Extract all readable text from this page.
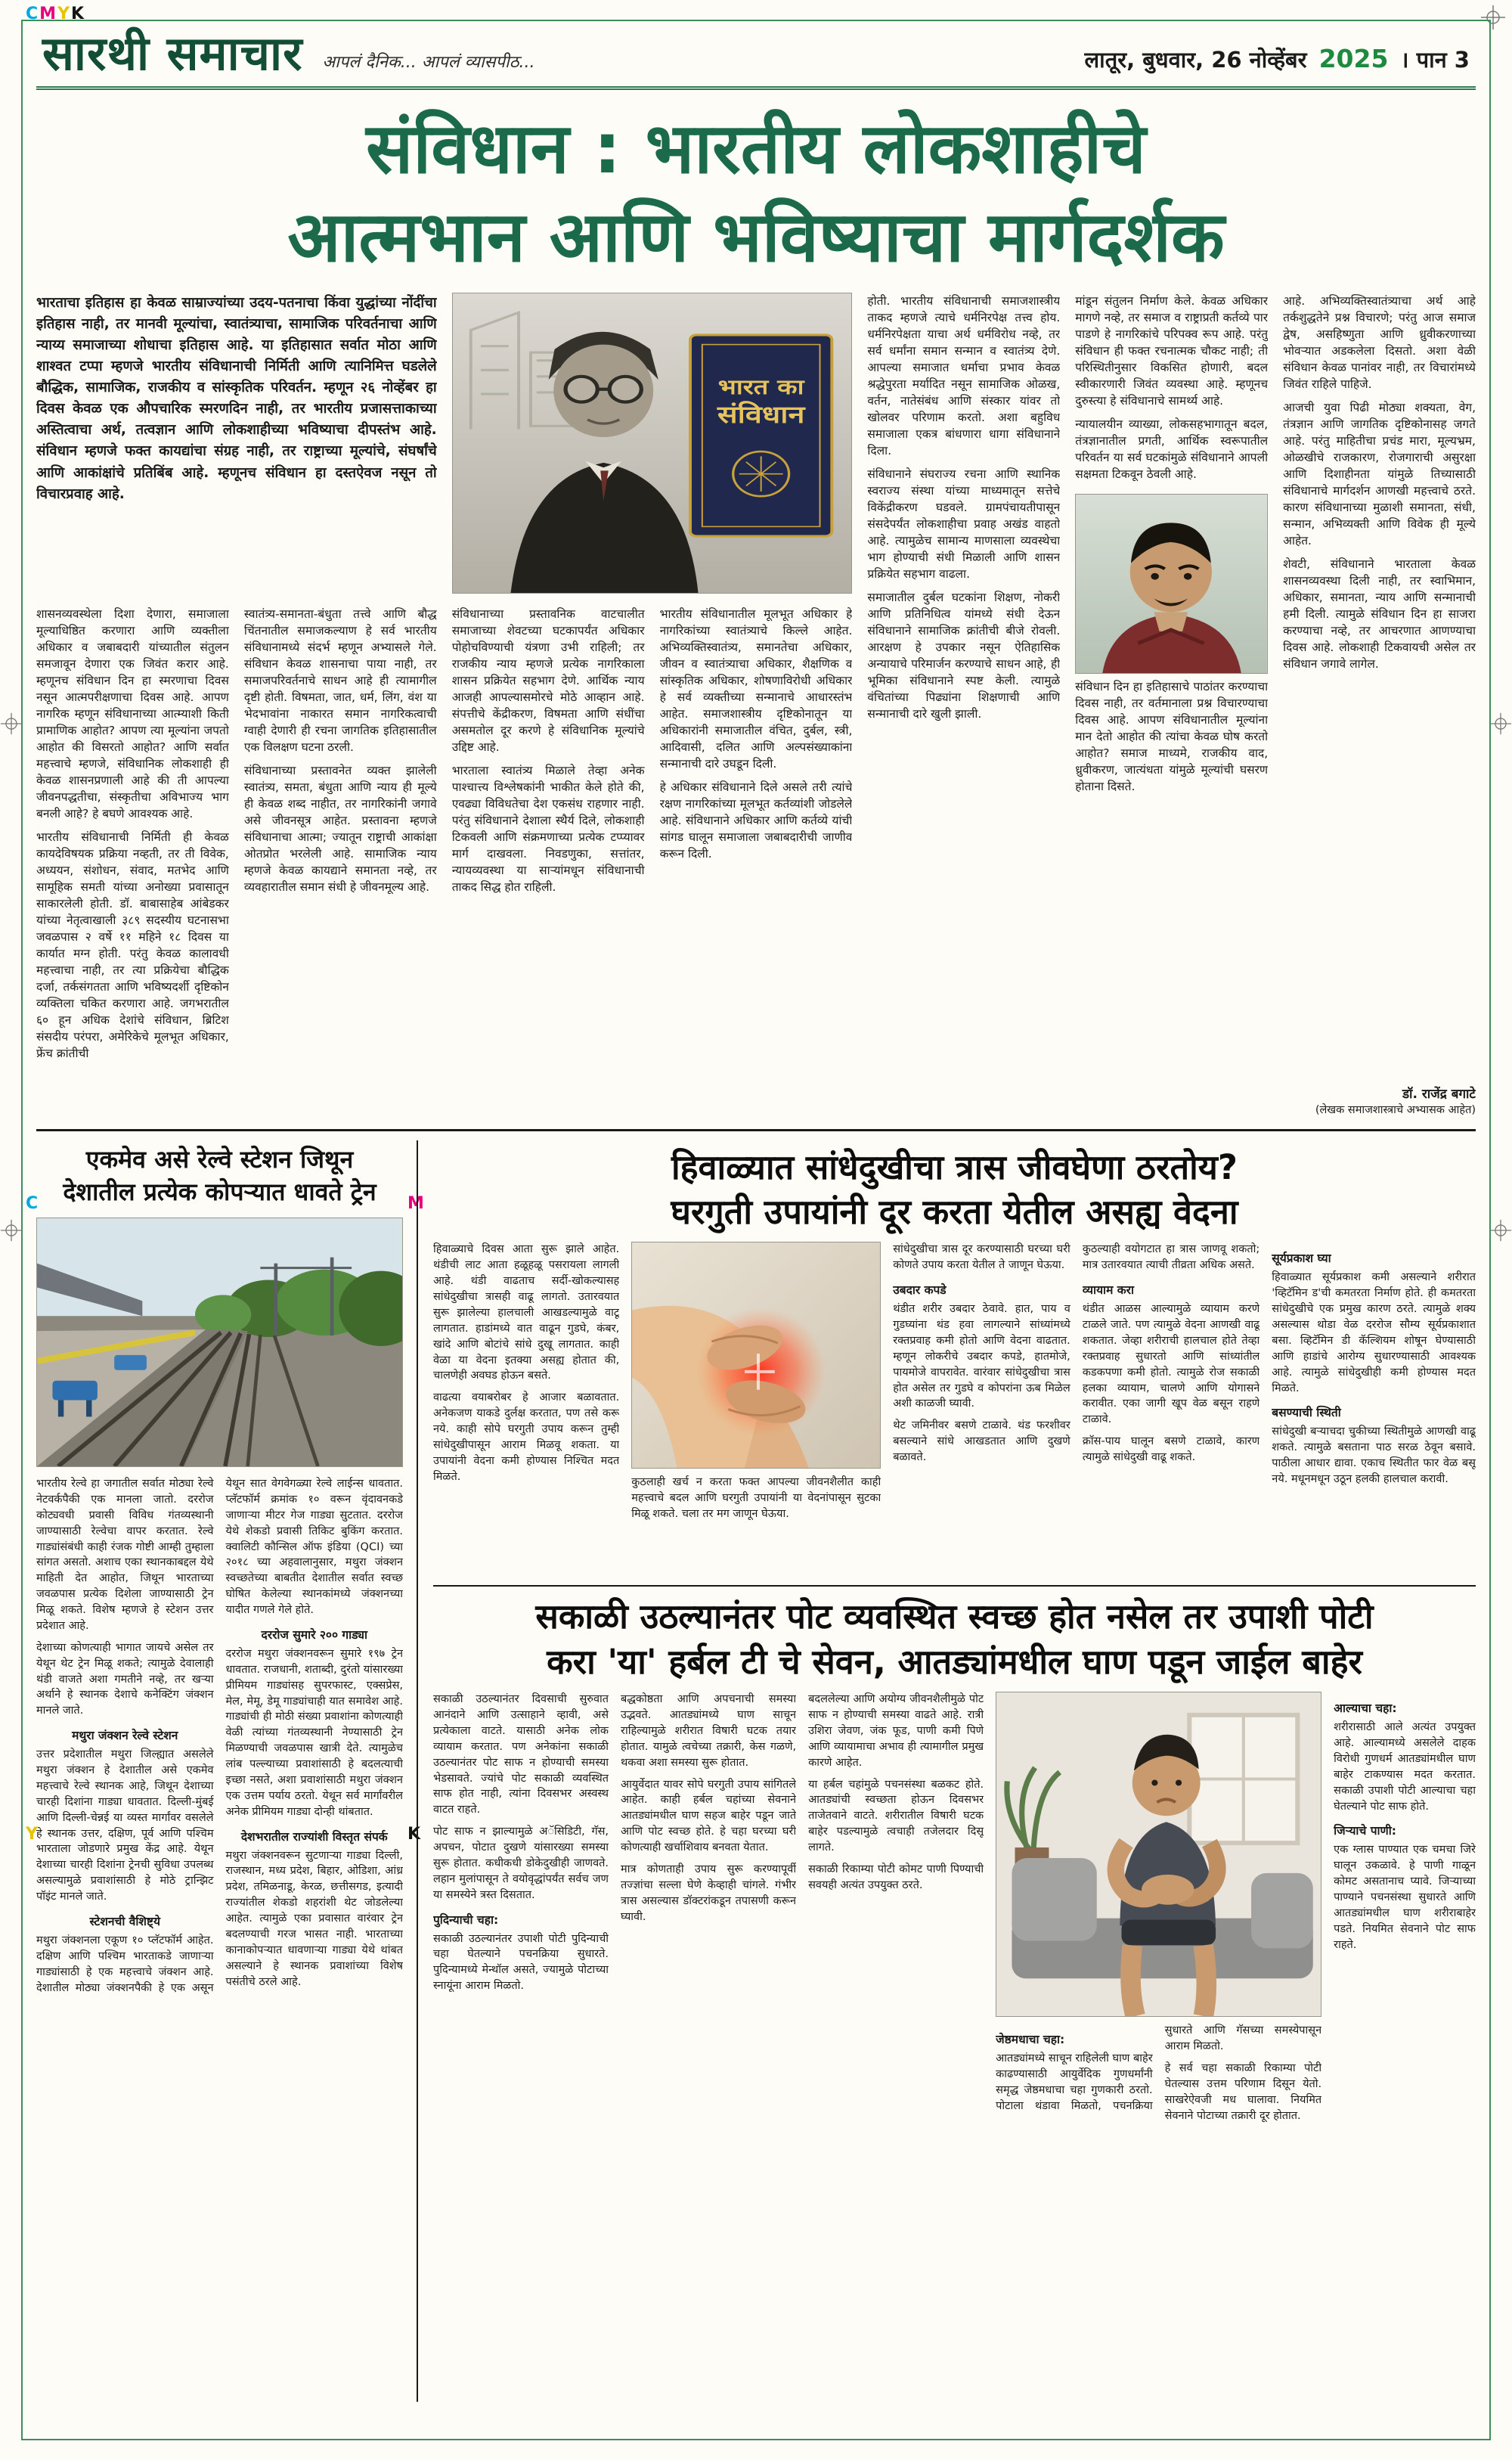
CMYK
C	M
Y	K
सारथी समाचार आपलं दैनिक... आपलं व्यासपीठ...	लातूर, बुधवार, 26 नोव्हेंबर 2025 । पान 3
संविधान : भारतीय लोकशाहीचे
आत्मभान आणि भविष्याचा मार्गदर्शक

भारताचा इतिहास हा केवळ साम्राज्यांच्या उदय-पतनाचा किंवा युद्धांच्या नोंदींचा इतिहास नाही, तर मानवी मूल्यांचा, स्वातंत्र्याचा, सामाजिक परिवर्तनाचा आणि न्याय्य समाजाच्या शोधाचा इतिहास आहे. या इतिहासात सर्वात मोठा आणि शाश्वत टप्पा म्हणजे भारतीय संविधानाची निर्मिती आणि त्यानिमित्त घडलेले बौद्धिक, सामाजिक, राजकीय व सांस्कृतिक परिवर्तन. म्हणून २६ नोव्हेंबर हा दिवस केवळ एक औपचारिक स्मरणदिन नाही, तर भारतीय प्रजासत्ताकाच्या अस्तित्वाचा अर्थ, तत्वज्ञान आणि लोकशाहीच्या भविष्याचा दीपस्तंभ आहे. संविधान म्हणजे फक्त कायद्यांचा संग्रह नाही, तर राष्ट्राच्या मूल्यांचे, संघर्षांचे आणि आकांक्षांचे प्रतिबिंब आहे. म्हणूनच संविधान हा दस्तऐवज नसून तो विचारप्रवाह आहे.

भारत का
संविधान

होती. भारतीय संविधानाची समाजशास्त्रीय ताकद म्हणजे त्याचे धर्मनिरपेक्ष तत्त्व होय. धर्मनिरपेक्षता याचा अर्थ धर्मविरोध नव्हे, तर सर्व धर्मांना समान सन्मान व स्वातंत्र्य देणे. आपल्या समाजात धर्माचा प्रभाव केवळ श्रद्धेपुरता मर्यादित नसून सामाजिक ओळख, वर्तन, नातेसंबंध आणि संस्कार यांवर तो खोलवर परिणाम करतो. अशा बहुविध समाजाला एकत्र बांधणारा धागा संविधानाने दिला.

संविधानाने संघराज्य रचना आणि स्थानिक स्वराज्य संस्था यांच्या माध्यमातून सत्तेचे विकेंद्रीकरण घडवले. ग्रामपंचायतीपासून संसदेपर्यंत लोकशाहीचा प्रवाह अखंड वाहतो आहे. त्यामुळेच सामान्य माणसाला व्यवस्थेचा भाग होण्याची संधी मिळाली आणि शासन प्रक्रियेत सहभाग वाढला.

समाजातील दुर्बल घटकांना शिक्षण, नोकरी आणि प्रतिनिधित्व यांमध्ये संधी देऊन संविधानाने सामाजिक क्रांतीची बीजे रोवली. आरक्षण हे उपकार नसून ऐतिहासिक अन्यायाचे परिमार्जन करण्याचे साधन आहे, ही भूमिका संविधानाने स्पष्ट केली. त्यामुळे वंचितांच्या पिढ्यांना शिक्षणाची आणि सन्मानाची दारे खुली झाली.

मांडून संतुलन निर्माण केले. केवळ अधिकार मागणे नव्हे, तर समाज व राष्ट्राप्रती कर्तव्ये पार पाडणे हे नागरिकांचे परिपक्व रूप आहे. परंतु संविधान ही फक्त रचनात्मक चौकट नाही; ती परिस्थितीनुसार विकसित होणारी, बदल स्वीकारणारी जिवंत व्यवस्था आहे. म्हणूनच दुरुस्त्या हे संविधानाचे सामर्थ्य आहे.

न्यायालयीन व्याख्या, लोकसहभागातून बदल, तंत्रज्ञानातील प्रगती, आर्थिक स्वरूपातील परिवर्तन या सर्व घटकांमुळे संविधानाने आपली सक्षमता टिकवून ठेवली आहे.

संविधान दिन हा इतिहासाचे पाठांतर करण्याचा दिवस नाही, तर वर्तमानाला प्रश्न विचारण्याचा दिवस आहे. आपण संविधानातील मूल्यांना मान देतो आहोत की त्यांचा केवळ घोष करतो आहोत? समाज माध्यमे, राजकीय वाद, ध्रुवीकरण, जात्यंधता यांमुळे मूल्यांची घसरण होताना दिसते.

आहे. अभिव्यक्तिस्वातंत्र्याचा अर्थ आहे तर्कशुद्धतेने प्रश्न विचारणे; परंतु आज समाज द्वेष, असहिष्णुता आणि ध्रुवीकरणाच्या भोवऱ्यात अडकलेला दिसतो. अशा वेळी संविधान केवळ पानांवर नाही, तर विचारांमध्ये जिवंत राहिले पाहिजे.

आजची युवा पिढी मोठ्या शक्यता, वेग, तंत्रज्ञान आणि जागतिक दृष्टिकोनासह जगते आहे. परंतु माहितीचा प्रचंड मारा, मूल्यभ्रम, ओळखीचे राजकारण, रोजगाराची असुरक्षा आणि दिशाहीनता यांमुळे तिच्यासाठी संविधानाचे मार्गदर्शन आणखी महत्त्वाचे ठरते. कारण संविधानाच्या मुळाशी समानता, संधी, सन्मान, अभिव्यक्ती आणि विवेक ही मूल्ये आहेत.

शेवटी, संविधानाने भारताला केवळ शासनव्यवस्था दिली नाही, तर स्वाभिमान, अधिकार, समानता, न्याय आणि सन्मानाची हमी दिली. त्यामुळे संविधान दिन हा साजरा करण्याचा नव्हे, तर आचरणात आणण्याचा दिवस आहे. लोकशाही टिकवायची असेल तर संविधान जगावे लागेल.

डॉ. राजेंद्र बगाटे
(लेखक समाजशास्त्राचे अभ्यासक आहेत)

शासनव्यवस्थेला दिशा देणारा, समाजाला मूल्याधिष्ठित करणारा आणि व्यक्तीला अधिकार व जबाबदारी यांच्यातील संतुलन समजावून देणारा एक जिवंत करार आहे. म्हणूनच संविधान दिन हा स्मरणाचा दिवस नसून आत्मपरीक्षणाचा दिवस आहे. आपण नागरिक म्हणून संविधानाच्या आत्म्याशी किती प्रामाणिक आहोत? आपण त्या मूल्यांना जपतो आहोत की विसरतो आहोत? आणि सर्वात महत्त्वाचे म्हणजे, संविधानिक लोकशाही ही केवळ शासनप्रणाली आहे की ती आपल्या जीवनपद्धतीचा, संस्कृतीचा अविभाज्य भाग बनली आहे? हे बघणे आवश्यक आहे.

भारतीय संविधानाची निर्मिती ही केवळ कायदेविषयक प्रक्रिया नव्हती, तर ती विवेक, अध्ययन, संशोधन, संवाद, मतभेद आणि सामूहिक समती यांच्या अनोख्या प्रवासातून साकारलेली होती. डॉ. बाबासाहेब आंबेडकर यांच्या नेतृत्वाखाली ३८९ सदस्यीय घटनासभा जवळपास २ वर्षे ११ महिने १८ दिवस या कार्यात मग्न होती. परंतु केवळ कालावधी महत्त्वाचा नाही, तर त्या प्रक्रियेचा बौद्धिक दर्जा, तर्कसंगतता आणि भविष्यदर्शी दृष्टिकोन व्यक्तिला चकित करणारा आहे. जगभरातील ६० हून अधिक देशांचे संविधान, ब्रिटिश संसदीय परंपरा, अमेरिकेचे मूलभूत अधिकार, फ्रेंच क्रांतीची

स्वातंत्र्य-समानता-बंधुता तत्त्वे आणि बौद्ध चिंतनातील समाजकल्याण हे सर्व भारतीय संविधानामध्ये संदर्भ म्हणून अभ्यासले गेले. संविधान केवळ शासनाचा पाया नाही, तर समाजपरिवर्तनाचे साधन आहे ही त्यामागील दृष्टी होती. विषमता, जात, धर्म, लिंग, वंश या भेदभावांना नाकारत समान नागरिकत्वाची ग्वाही देणारी ही रचना जागतिक इतिहासातील एक विलक्षण घटना ठरली.

संविधानाच्या प्रस्तावनेत व्यक्त झालेली स्वातंत्र्य, समता, बंधुता आणि न्याय ही मूल्ये ही केवळ शब्द नाहीत, तर नागरिकांनी जगावे असे जीवनसूत्र आहेत. प्रस्तावना म्हणजे संविधानाचा आत्मा; ज्यातून राष्ट्राची आकांक्षा ओतप्रोत भरलेली आहे. सामाजिक न्याय म्हणजे केवळ कायद्याने समानता नव्हे, तर व्यवहारातील समान संधी हे जीवनमूल्य आहे.

संविधानाच्या प्रस्तावनिक वाटचालीत समाजाच्या शेवटच्या घटकापर्यंत अधिकार पोहोचविण्याची यंत्रणा उभी राहिली; तर राजकीय न्याय म्हणजे प्रत्येक नागरिकाला शासन प्रक्रियेत सहभाग देणे. आर्थिक न्याय आजही आपल्यासमोरचे मोठे आव्हान आहे. संपत्तीचे केंद्रीकरण, विषमता आणि संधींचा असमतोल दूर करणे हे संविधानिक मूल्यांचे उद्दिष्ट आहे.

भारताला स्वातंत्र्य मिळाले तेव्हा अनेक पाश्चात्त्य विश्लेषकांनी भाकीत केले होते की, एवढ्या विविधतेचा देश एकसंध राहणार नाही. परंतु संविधानाने देशाला स्थैर्य दिले, लोकशाही टिकवली आणि संक्रमणाच्या प्रत्येक टप्प्यावर मार्ग दाखवला. निवडणुका, सत्तांतर, न्यायव्यवस्था या साऱ्यांमधून संविधानाची ताकद सिद्ध होत राहिली.

भारतीय संविधानातील मूलभूत अधिकार हे नागरिकांच्या स्वातंत्र्याचे किल्ले आहेत. अभिव्यक्तिस्वातंत्र्य, समानतेचा अधिकार, जीवन व स्वातंत्र्याचा अधिकार, शैक्षणिक व सांस्कृतिक अधिकार, शोषणाविरोधी अधिकार हे सर्व व्यक्तीच्या सन्मानाचे आधारस्तंभ आहेत. समाजशास्त्रीय दृष्टिकोनातून या अधिकारांनी समाजातील वंचित, दुर्बल, स्त्री, आदिवासी, दलित आणि अल्पसंख्याकांना सन्मानाची दारे उघडून दिली.

हे अधिकार संविधानाने दिले असले तरी त्यांचे रक्षण नागरिकांच्या मूलभूत कर्तव्यांशी जोडलेले आहे. संविधानाने अधिकार आणि कर्तव्ये यांची सांगड घालून समाजाला जबाबदारीची जाणीव करून दिली.

एकमेव असे रेल्वे स्टेशन जिथून
देशातील प्रत्येक कोपऱ्यात धावते ट्रेन

भारतीय रेल्वे हा जगातील सर्वात मोठ्या रेल्वे नेटवर्कपैकी एक मानला जातो. दररोज कोट्यवधी प्रवासी विविध गंतव्यस्थानी जाण्यासाठी रेल्वेचा वापर करतात. रेल्वे गाड्यांसंबंधी काही रंजक गोष्टी आम्ही तुम्हाला सांगत असतो. अशाच एका स्थानकाबद्दल येथे माहिती देत आहोत, जिथून भारताच्या जवळपास प्रत्येक दिशेला जाण्यासाठी ट्रेन मिळू शकते. विशेष म्हणजे हे स्टेशन उत्तर प्रदेशात आहे.

देशाच्या कोणत्याही भागात जायचे असेल तर येथून थेट ट्रेन मिळू शकते; त्यामुळे देवालाही थंडी वाजते अशा गमतीने नव्हे, तर खऱ्या अर्थाने हे स्थानक देशाचे कनेक्टिंग जंक्शन मानले जाते.

मथुरा जंक्शन रेल्वे स्टेशन

उत्तर प्रदेशातील मथुरा जिल्ह्यात असलेले मथुरा जंक्शन हे देशातील असे एकमेव महत्त्वाचे रेल्वे स्थानक आहे, जिथून देशाच्या चारही दिशांना गाड्या धावतात. दिल्ली-मुंबई आणि दिल्ली-चेन्नई या व्यस्त मार्गांवर वसलेले हे स्थानक उत्तर, दक्षिण, पूर्व आणि पश्चिम भारताला जोडणारे प्रमुख केंद्र आहे. येथून देशाच्या चारही दिशांना ट्रेनची सुविधा उपलब्ध असल्यामुळे प्रवाशांसाठी हे मोठे ट्रान्झिट पॉइंट मानले जाते.

स्टेशनची वैशिष्ट्ये

मथुरा जंक्शनला एकूण १० प्लॅटफॉर्म आहेत. दक्षिण आणि पश्चिम भारताकडे जाणाऱ्या गाड्यांसाठी हे एक महत्त्वाचे जंक्शन आहे. देशातील मोठ्या जंक्शनपैकी हे एक असून येथून सात वेगवेगळ्या रेल्वे लाईन्स धावतात. प्लॅटफॉर्म क्रमांक १० वरून वृंदावनकडे जाणाऱ्या मीटर गेज गाड्या सुटतात. दररोज येथे शेकडो प्रवासी तिकिट बुकिंग करतात. क्वालिटी कौन्सिल ऑफ इंडिया (QCI) च्या २०१८ च्या अहवालानुसार, मथुरा जंक्शन स्वच्छतेच्या बाबतीत देशातील सर्वात स्वच्छ घोषित केलेल्या स्थानकांमध्ये जंक्शनच्या यादीत गणले गेले होते.

दररोज सुमारे २०० गाड्या

दररोज मथुरा जंक्शनवरून सुमारे १९७ ट्रेन धावतात. राजधानी, शताब्दी, दुरंतो यांसारख्या प्रीमियम गाड्यांसह सुपरफास्ट, एक्सप्रेस, मेल, मेमू, डेमू गाड्यांचाही यात समावेश आहे. गाड्यांची ही मोठी संख्या प्रवाशांना कोणत्याही वेळी त्यांच्या गंतव्यस्थानी नेण्यासाठी ट्रेन मिळण्याची जवळपास खात्री देते. त्यामुळेच लांब पल्ल्याच्या प्रवाशांसाठी हे बदलत्याची इच्छा नसते, अशा प्रवाशांसाठी मथुरा जंक्शन एक उत्तम पर्याय ठरतो. येथून सर्व मार्गांवरील अनेक प्रीमियम गाड्या दोन्ही थांबतात.

देशभरातील राज्यांशी विस्तृत संपर्क

मथुरा जंक्शनवरून सुटणाऱ्या गाड्या दिल्ली, राजस्थान, मध्य प्रदेश, बिहार, ओडिशा, आंध्र प्रदेश, तमिळनाडू, केरळ, छत्तीसगड, इत्यादी राज्यांतील शेकडो शहरांशी थेट जोडलेल्या आहेत. त्यामुळे एका प्रवासात वारंवार ट्रेन बदलण्याची गरज भासत नाही. भारताच्या कानाकोपऱ्यात धावणाऱ्या गाड्या येथे थांबत असल्याने हे स्थानक प्रवाशांच्या विशेष पसंतीचे ठरले आहे.

हिवाळ्यात सांधेदुखीचा त्रास जीवघेणा ठरतोय?
घरगुती उपायांनी दूर करता येतील असह्य वेदना

हिवाळ्याचे दिवस आता सुरू झाले आहेत. थंडीची लाट आता हळूहळू पसरायला लागली आहे. थंडी वाढताच सर्दी-खोकल्यासह सांधेदुखीचा त्रासही वाढू लागतो. उतारवयात सुरू झालेल्या हालचाली आखडल्यामुळे वाटू लागतात. हाडांमध्ये वात वाढून गुडघे, कंबर, खांदे आणि बोटांचे सांधे दुखू लागतात. काही वेळा या वेदना इतक्या असह्य होतात की, चालणेही अवघड होऊन बसते.

वाढत्या वयाबरोबर हे आजार बळावतात. अनेकजण याकडे दुर्लक्ष करतात, पण तसे करू नये. काही सोपे घरगुती उपाय करून तुम्ही सांधेदुखीपासून आराम मिळवू शकता. या उपायांनी वेदना कमी होण्यास निश्चित मदत मिळते.	कुठलाही खर्च न करता फक्त आपल्या जीवनशैलीत काही महत्त्वाचे बदल आणि घरगुती उपायांनी या वेदनांपासून सुटका मिळू शकते. चला तर मग जाणून घेऊया.

सांधेदुखीचा त्रास दूर करण्यासाठी घरच्या घरी कोणते उपाय करता येतील ते जाणून घेऊया.

उबदार कपडे

थंडीत शरीर उबदार ठेवावे. हात, पाय व गुडघ्यांना थंड हवा लागल्याने सांध्यांमध्ये रक्तप्रवाह कमी होतो आणि वेदना वाढतात. म्हणून लोकरीचे उबदार कपडे, हातमोजे, पायमोजे वापरावेत. वारंवार सांधेदुखीचा त्रास होत असेल तर गुडघे व कोपरांना ऊब मिळेल अशी काळजी घ्यावी.

थेट जमिनीवर बसणे टाळावे. थंड फरशीवर बसल्याने सांधे आखडतात आणि दुखणे बळावते.

कुठल्याही वयोगटात हा त्रास जाणवू शकतो; मात्र उतारवयात त्याची तीव्रता अधिक असते.

व्यायाम करा

थंडीत आळस आल्यामुळे व्यायाम करणे टाळले जाते. पण त्यामुळे वेदना आणखी वाढू शकतात. जेव्हा शरीराची हालचाल होते तेव्हा रक्तप्रवाह सुधारतो आणि सांध्यांतील कडकपणा कमी होतो. त्यामुळे रोज सकाळी हलका व्यायाम, चालणे आणि योगासने करावीत. एका जागी खूप वेळ बसून राहणे टाळावे.

क्रॉस-पाय घालून बसणे टाळावे, कारण त्यामुळे सांधेदुखी वाढू शकते.

सूर्यप्रकाश घ्या

हिवाळ्यात सूर्यप्रकाश कमी असल्याने शरीरात 'व्हिटॅमिन ड'ची कमतरता निर्माण होते. ही कमतरता सांधेदुखीचे एक प्रमुख कारण ठरते. त्यामुळे शक्य असल्यास थोडा वेळ दररोज सौम्य सूर्यप्रकाशात बसा. व्हिटॅमिन डी कॅल्शियम शोषून घेण्यासाठी आणि हाडांचे आरोग्य सुधारण्यासाठी आवश्यक आहे. त्यामुळे सांधेदुखीही कमी होण्यास मदत मिळते.

बसण्याची स्थिती

सांधेदुखी बऱ्याचदा चुकीच्या स्थितीमुळे आणखी वाढू शकते. त्यामुळे बसताना पाठ सरळ ठेवून बसावे. पाठीला आधार द्यावा. एकाच स्थितीत फार वेळ बसू नये. मधूनमधून उठून हलकी हालचाल करावी.

सकाळी उठल्यानंतर पोट व्यवस्थित स्वच्छ होत नसेल तर उपाशी पोटी
करा 'या' हर्बल टी चे सेवन, आतड्यांमधील घाण पडून जाईल बाहेर

सकाळी उठल्यानंतर दिवसाची सुरुवात आनंदाने आणि उत्साहाने व्हावी, असे प्रत्येकाला वाटते. यासाठी अनेक लोक व्यायाम करतात. पण अनेकांना सकाळी उठल्यानंतर पोट साफ न होण्याची समस्या भेडसावते. ज्यांचे पोट सकाळी व्यवस्थित साफ होत नाही, त्यांना दिवसभर अस्वस्थ वाटत राहते.

पोट साफ न झाल्यामुळे अॅसिडिटी, गॅस, अपचन, पोटात दुखणे यांसारख्या समस्या सुरू होतात. कधीकधी डोकेदुखीही जाणवते. लहान मुलांपासून ते वयोवृद्धांपर्यंत सर्वच जण या समस्येने त्रस्त दिसतात.

पुदिन्याची चहा:

सकाळी उठल्यानंतर उपाशी पोटी पुदिन्याची चहा घेतल्याने पचनक्रिया सुधारते. पुदिन्यामध्ये मेन्थॉल असते, ज्यामुळे पोटाच्या स्नायूंना आराम मिळतो.

बद्धकोष्ठता आणि अपचनाची समस्या उद्भवते. आतड्यांमध्ये घाण साचून राहिल्यामुळे शरीरात विषारी घटक तयार होतात. यामुळे त्वचेच्या तक्रारी, केस गळणे, थकवा अशा समस्या सुरू होतात.

आयुर्वेदात यावर सोपे घरगुती उपाय सांगितले आहेत. काही हर्बल चहांच्या सेवनाने आतड्यांमधील घाण सहज बाहेर पडून जाते आणि पोट स्वच्छ होते. हे चहा घरच्या घरी कोणत्याही खर्चाशिवाय बनवता येतात.

मात्र कोणताही उपाय सुरू करण्यापूर्वी तज्ज्ञांचा सल्ला घेणे केव्हाही चांगले. गंभीर त्रास असल्यास डॉक्टरांकडून तपासणी करून घ्यावी.

बदललेल्या आणि अयोग्य जीवनशैलीमुळे पोट साफ न होण्याची समस्या वाढते आहे. रात्री उशिरा जेवण, जंक फूड, पाणी कमी पिणे आणि व्यायामाचा अभाव ही त्यामागील प्रमुख कारणे आहेत.

या हर्बल चहांमुळे पचनसंस्था बळकट होते. आतड्यांची स्वच्छता होऊन दिवसभर ताजेतवाने वाटते. शरीरातील विषारी घटक बाहेर पडल्यामुळे त्वचाही तजेलदार दिसू लागते.

सकाळी रिकाम्या पोटी कोमट पाणी पिण्याची सवयही अत्यंत उपयुक्त ठरते.

जेष्ठमधाचा चहा:

आतड्यांमध्ये साचून राहिलेली घाण बाहेर काढण्यासाठी आयुर्वेदिक गुणधर्मांनी समृद्ध जेष्ठमधाचा चहा गुणकारी ठरतो. पोटाला थंडावा मिळतो, पचनक्रिया सुधारते आणि गॅसच्या समस्येपासून आराम मिळतो.

हे सर्व चहा सकाळी रिकाम्या पोटी घेतल्यास उत्तम परिणाम दिसून येतो. साखरेऐवजी मध घालावा. नियमित सेवनाने पोटाच्या तक्रारी दूर होतात.

आल्याचा चहा:

शरीरासाठी आले अत्यंत उपयुक्त आहे. आल्यामध्ये असलेले दाहक विरोधी गुणधर्म आतड्यांमधील घाण बाहेर टाकण्यास मदत करतात. सकाळी उपाशी पोटी आल्याचा चहा घेतल्याने पोट साफ होते.

जिऱ्याचे पाणी:

एक ग्लास पाण्यात एक चमचा जिरे घालून उकळावे. हे पाणी गाळून कोमट असतानाच प्यावे. जिऱ्याच्या पाण्याने पचनसंस्था सुधारते आणि आतड्यांमधील घाण शरीराबाहेर पडते. नियमित सेवनाने पोट साफ राहते.
